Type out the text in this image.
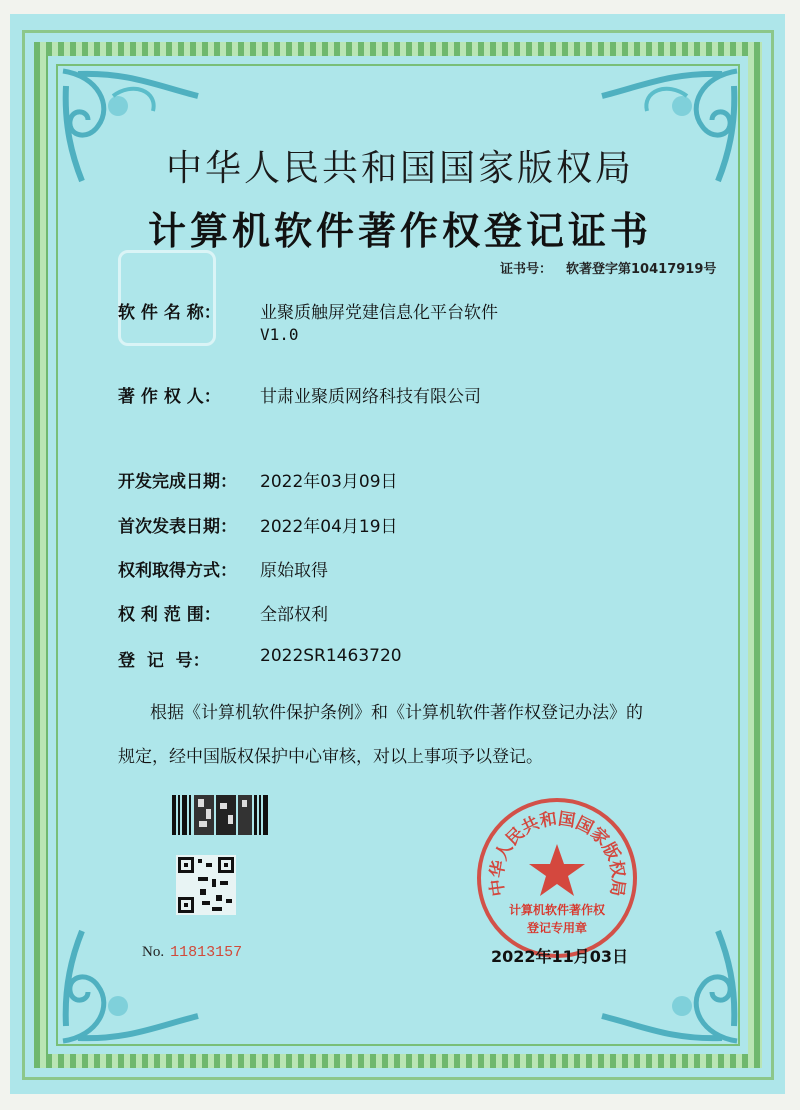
中华人民共和国国家版权局
计算机软件著作权登记证书
证书号： 软著登字第10417919号
软 件 名 称： 业聚质触屏党建信息化平台软件
V1.0
著 作 权 人： 甘肃业聚质网络科技有限公司
开发完成日期： 2022年03月09日
首次发表日期： 2022年04月19日
权利取得方式： 原始取得
权 利 范 围： 全部权利
登  记  号：	2022SR1463720
根据《计算机软件保护条例》和《计算机软件著作权登记办法》的
规定，经中国版权保护中心审核，对以上事项予以登记。
No. 11813157
中华人民共和国国家版权局
计算机软件著作权
登记专用章
2022年11月03日
